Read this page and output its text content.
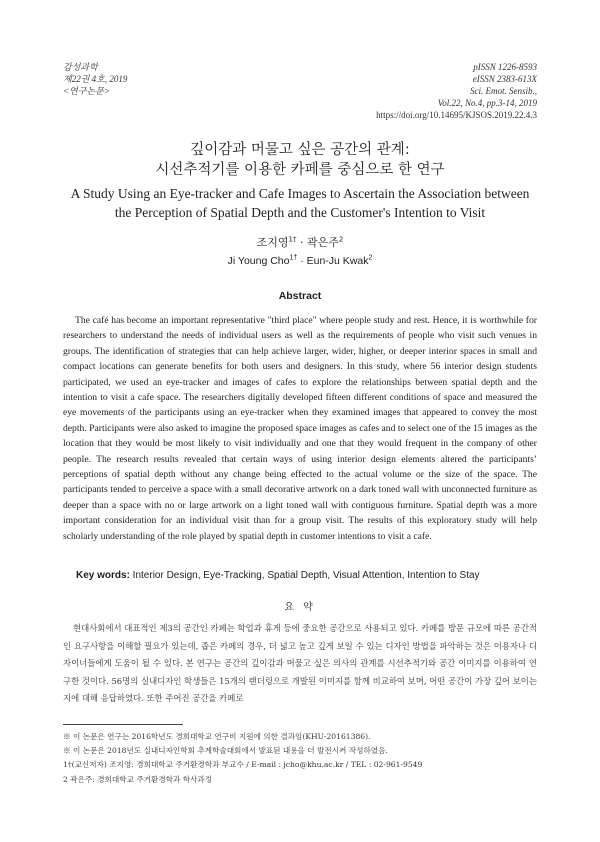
감성과학
제22권 4호, 2019
<연구논문>
pISSN 1226-8593
eISSN 2383-613X
Sci. Emot. Sensib.,
Vol.22, No.4, pp.3-14, 2019
https://doi.org/10.14695/KJSOS.2019.22.4.3
깊이감과 머물고 싶은 공간의 관계:
시선추적기를 이용한 카페를 중심으로 한 연구
A Study Using an Eye-tracker and Cafe Images to Ascertain the Association between
the Perception of Spatial Depth and the Customer's Intention to Visit
조지영$^{1\dagger}$ · 곽은주$^2$
Ji Young Cho$^{1\dagger}$ · Eun-Ju Kwak$^2$
Abstract
The café has become an important representative "third place" where people study and rest. Hence, it is worthwhile for researchers to understand the needs of individual users as well as the requirements of people who visit such venues in groups. The identification of strategies that can help achieve larger, wider, higher, or deeper interior spaces in small and compact locations can generate benefits for both users and designers. In this study, where 56 interior design students participated, we used an eye-tracker and images of cafes to explore the relationships between spatial depth and the intention to visit a cafe space. The researchers digitally developed fifteen different conditions of space and measured the eye movements of the participants using an eye-tracker when they examined images that appeared to convey the most depth. Participants were also asked to imagine the proposed space images as cafes and to select one of the 15 images as the location that they would be most likely to visit individually and one that they would frequent in the company of other people. The research results revealed that certain ways of using interior design elements altered the participants’ perceptions of spatial depth without any change being effected to the actual volume or the size of the space. The participants tended to perceive a space with a small decorative artwork on a dark toned wall with unconnected furniture as deeper than a space with no or large artwork on a light toned wall with contiguous furniture. Spatial depth was a more important consideration for an individual visit than for a group visit. The results of this exploratory study will help scholarly understanding of the role played by spatial depth in customer intentions to visit a cafe.
Key words: Interior Design, Eye-Tracking, Spatial Depth, Visual Attention, Intention to Stay
요 약
현대사회에서 대표적인 제3의 공간인 카페는 학업과 휴게 등에 중요한 공간으로 사용되고 있다. 카페를 방문 규모에 따른 공간적인 요구사항을 이해할 필요가 있는데, 좁은 카페의 경우, 더 넓고 높고 깊게 보일 수 있는 디자인 방법을 파악하는 것은 이용자나 디자이너들에게 도움이 될 수 있다. 본 연구는 공간의 깊이감과 머물고 싶은 의사의 관계를 시선추적기와 공간 이미지를 이용하여 연구한 것이다. 56명의 실내디자인 학생들은 15개의 랜더링으로 개발된 이미지를 함께 비교하여 보며, 어떤 공간이 가장 깊어 보이는지에 대해 응답하였다. 또한 주어진 공간을 카페로
※ 이 논문은 연구는 2016학년도 경희대학교 연구비 지원에 의한 결과임(KHU-20161386).
※ 이 논문은 2018년도 실내디자인학회 추계학술대회에서 발표된 내용을 더 발전시켜 작성하였음.
1†(교신저자) 조지영: 경희대학교 주거환경학과 부교수 / E-mail : jcho@khu.ac.kr / TEL : 02-961-9549
2 곽은주: 경희대학교 주거환경학과 학사과정
